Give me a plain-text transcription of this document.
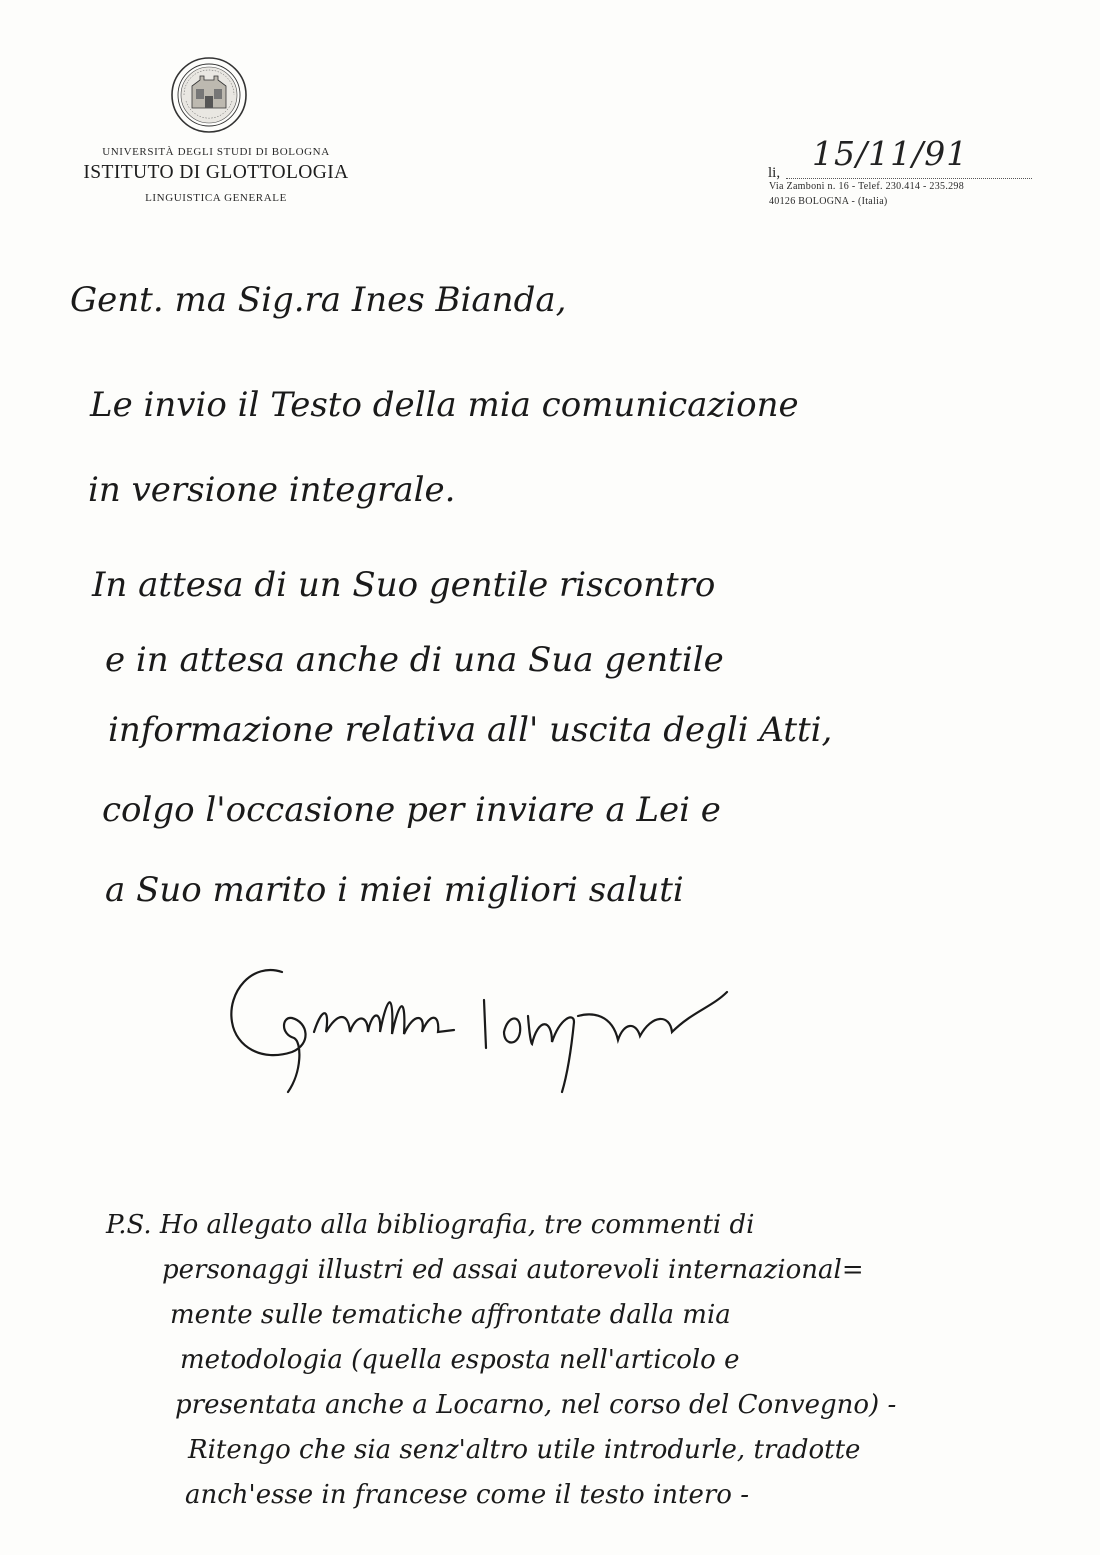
UNIVERSITÀ DEGLI STUDI DI BOLOGNA
ISTITUTO DI GLOTTOLOGIA
LINGUISTICA GENERALE
li, 15/11/91
Via Zamboni n. 16 - Telef. 230.414 - 235.298
40126 BOLOGNA - (Italia)
Gent. ma Sig.ra Ines Bianda,
Le invio il Testo della mia comunicazione
in versione integrale.
In attesa di un Suo gentile riscontro
e in attesa anche di una Sua gentile
informazione relativa all' uscita degli Atti,
colgo l'occasione per inviare a Lei e
a Suo marito i miei migliori saluti
P.S. Ho allegato alla bibliografia, tre commenti di
personaggi illustri ed assai autorevoli internazional=
mente sulle tematiche affrontate dalla mia
metodologia (quella esposta nell'articolo e
presentata anche a Locarno, nel corso del Convegno) -
Ritengo che sia senz'altro utile introdurle, tradotte
anch'esse in francese come il testo intero -
